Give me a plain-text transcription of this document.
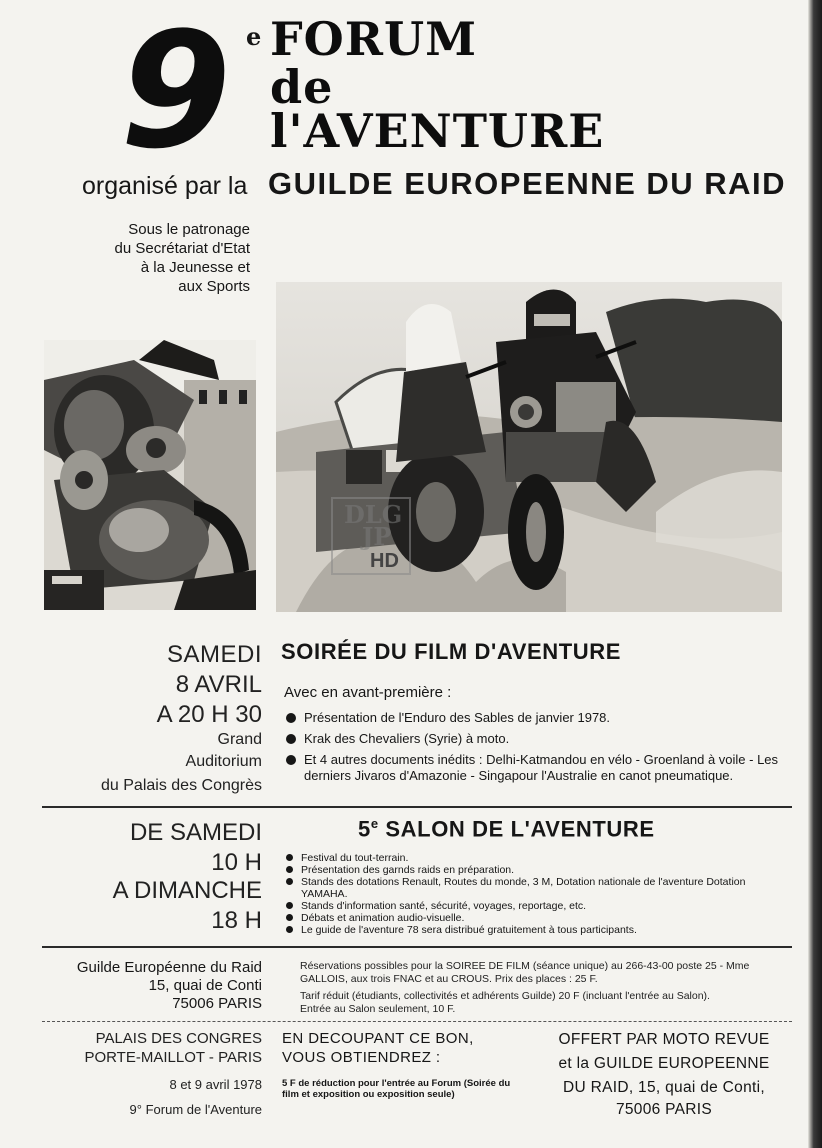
9 e FORUM
de
l'AVENTURE
organisé par la GUILDE EUROPEENNE DU RAID
Sous le patronage
du Secrétariat d'Etat
à la Jeunesse et
aux Sports
DLG
JP
HD
SAMEDI
8 AVRIL
A 20 H 30
Grand
Auditorium
du Palais des Congrès
SOIRÉE DU FILM D'AVENTURE
Avec en avant-première :
Présentation de l'Enduro des Sables de janvier 1978.
Krak des Chevaliers (Syrie) à moto.
Et 4 autres documents inédits : Delhi-Katmandou en vélo - Groenland à voile - Les derniers Jivaros d'Amazonie - Singapour l'Australie en canot pneumatique.
DE SAMEDI
10 H
A DIMANCHE
18 H
5e SALON DE L'AVENTURE
Festival du tout-terrain.
Présentation des garnds raids en préparation.
Stands des dotations Renault, Routes du monde, 3 M, Dotation nationale de l'aventure Dotation YAMAHA.
Stands d'information santé, sécurité, voyages, reportage, etc.
Débats et animation audio-visuelle.
Le guide de l'aventure 78 sera distribué gratuitement à tous participants.
Guilde Européenne du Raid
15, quai de Conti
75006 PARIS
Réservations possibles pour la SOIREE DE FILM (séance unique) au 266-43-00 poste 25 - Mme GALLOIS, aux trois FNAC et au CROUS. Prix des places : 25 F.
Tarif réduit (étudiants, collectivités et adhérents Guilde) 20 F (incluant l'entrée au Salon).
Entrée au Salon seulement, 10 F.
PALAIS DES CONGRES
PORTE-MAILLOT - PARIS
8 et 9 avril 1978
9° Forum de l'Aventure
EN DECOUPANT CE BON,
VOUS OBTIENDREZ :
5 F de réduction pour l'entrée au Forum (Soirée du film et exposition ou exposition seule)
OFFERT PAR MOTO REVUE
et la GUILDE EUROPEENNE
DU RAID, 15, quai de Conti,
75006 PARIS
